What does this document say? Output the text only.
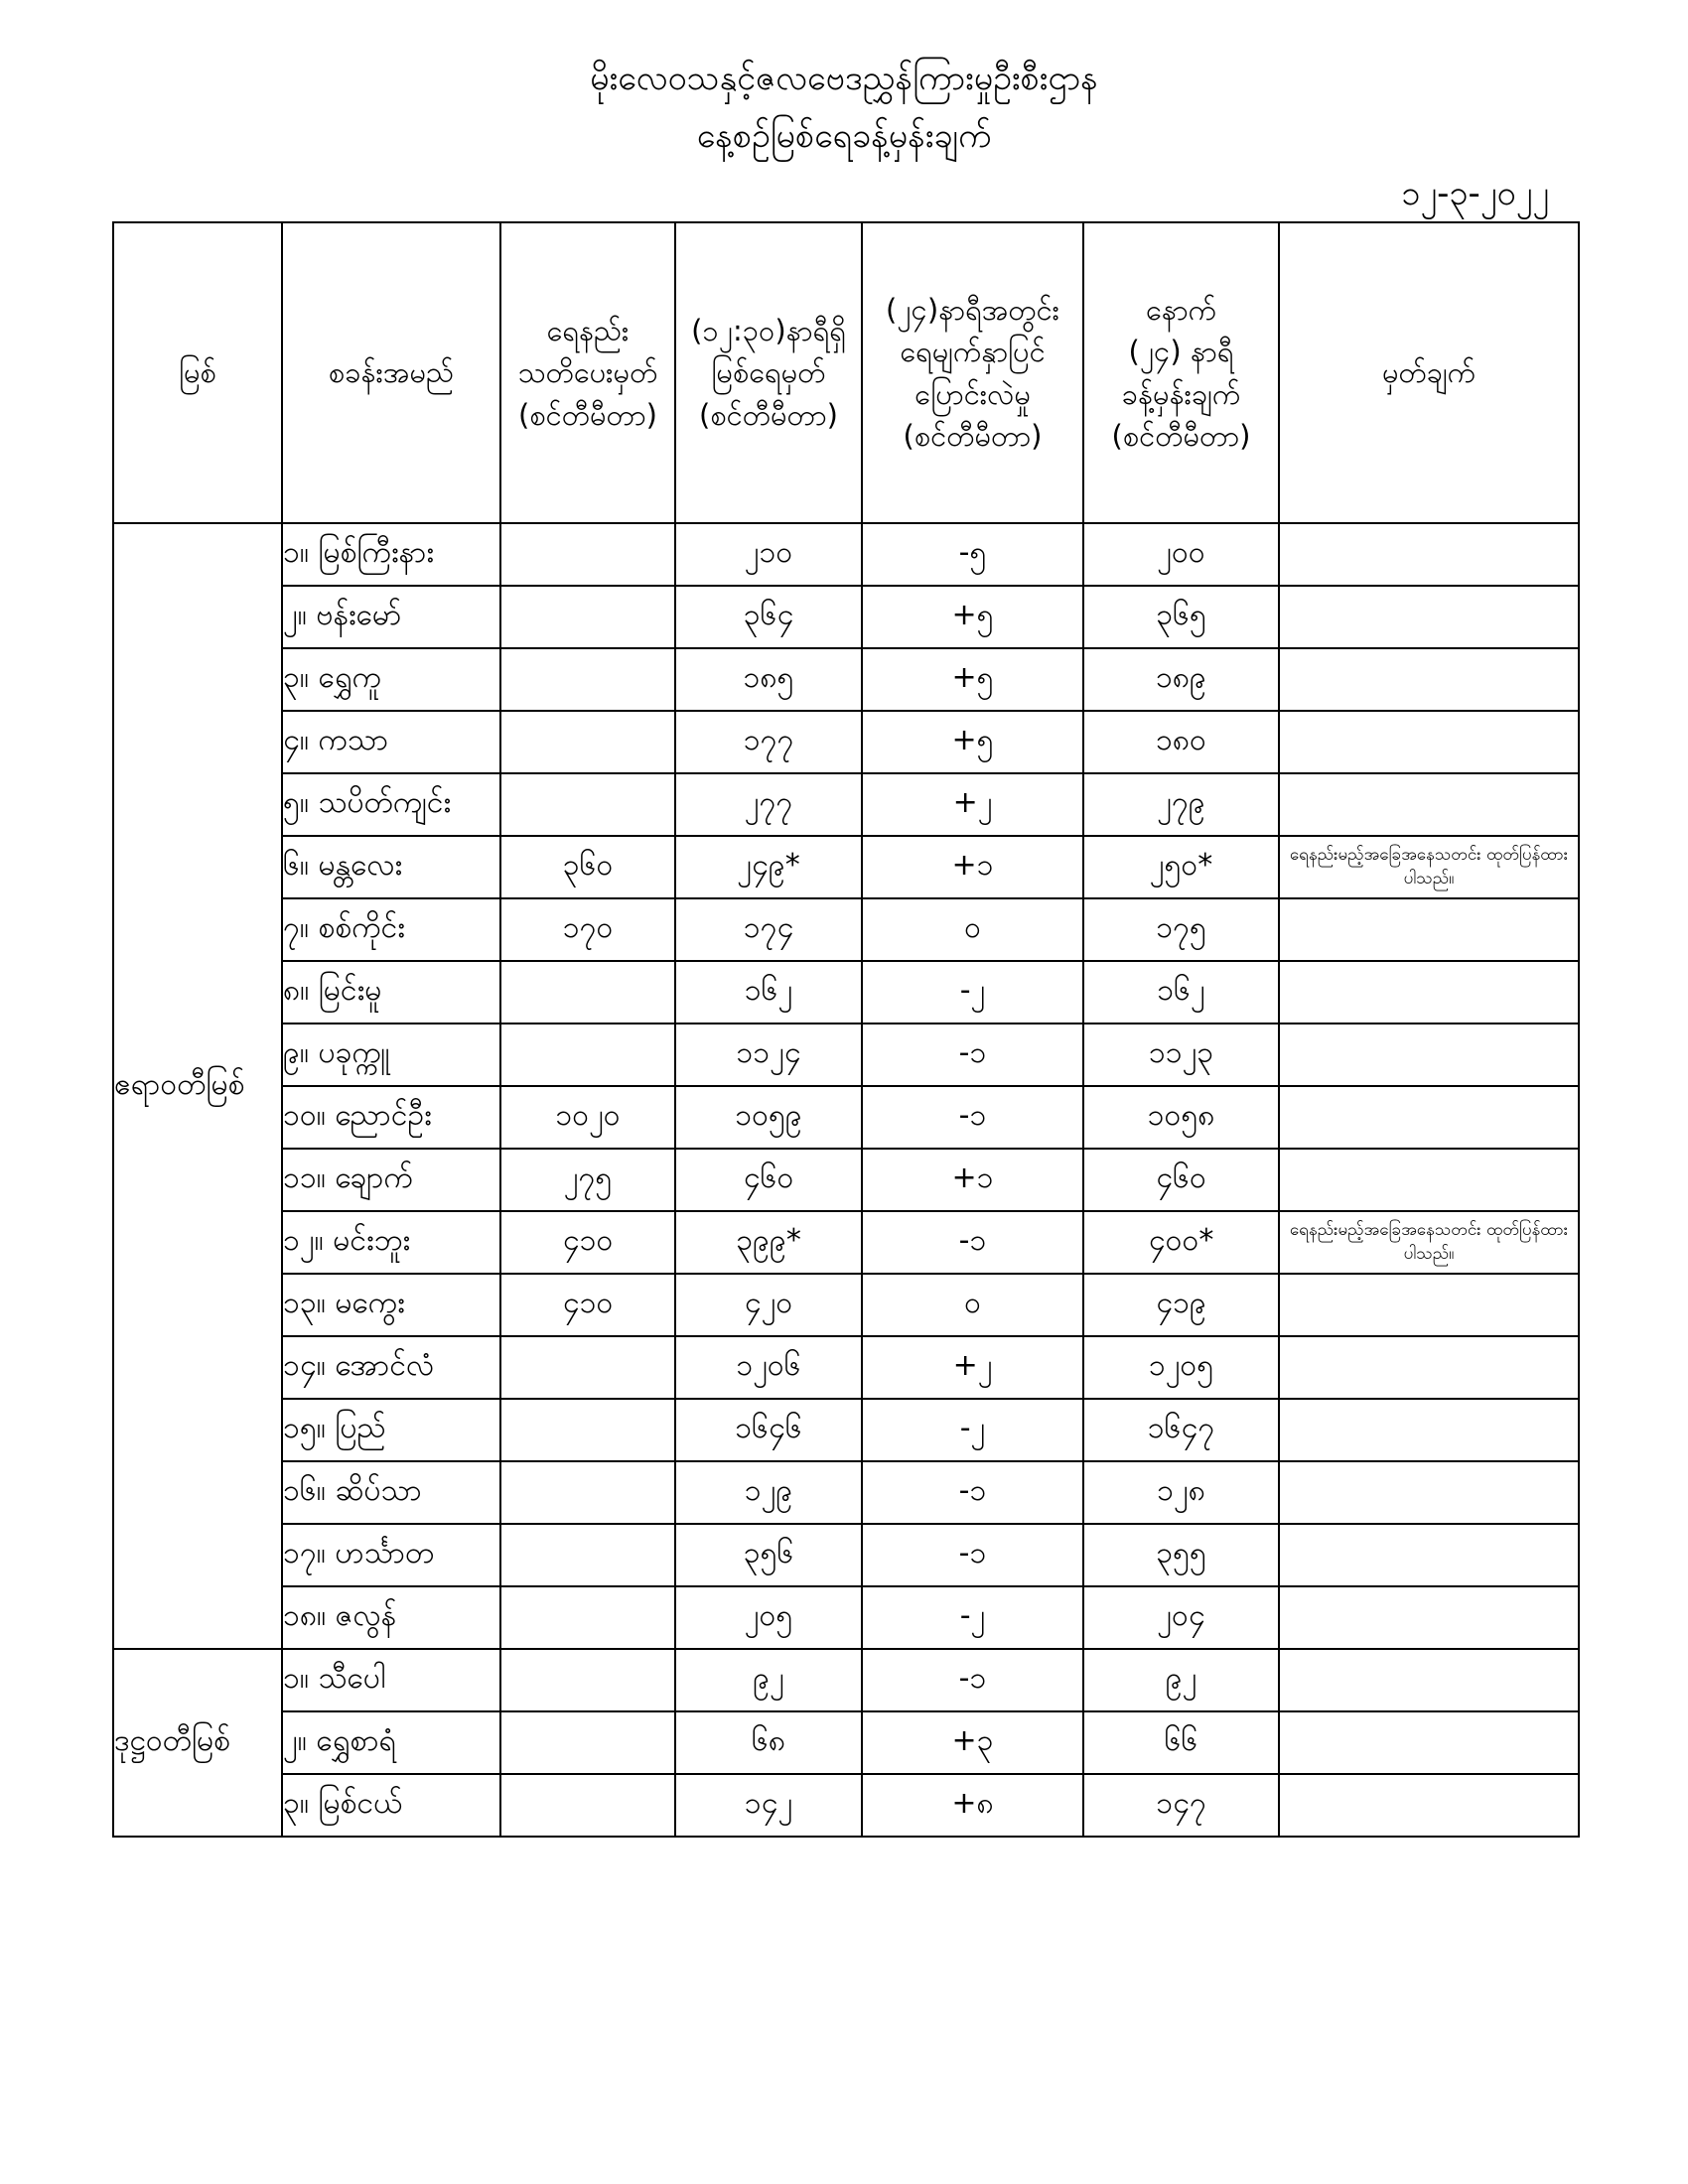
မိုးလေဝသနှင့်ဇလဗေဒညွှန်ကြားမှုဦးစီးဌာန
နေ့စဉ်မြစ်ရေခန့်မှန်းချက်
၁၂-၃-၂၀၂၂
မြစ်	စခန်းအမည်	ရေနည်း
သတိပေးမှတ်
(စင်တီမီတာ)	(၁၂:၃၀)နာရီရှိ
မြစ်ရေမှတ်
(စင်တီမီတာ)	(၂၄)နာရီအတွင်း
ရေမျက်နှာပြင်
ပြောင်းလဲမှု
(စင်တီမီတာ)	နောက်
(၂၄) နာရီ
ခန့်မှန်းချက်
(စင်တီမီတာ)	မှတ်ချက်

ဧရာဝတီမြစ်	၁။ မြစ်ကြီးနား		၂၁၀	-၅	၂၀၀	
	၂။ ဗန်းမော်		၃၆၄	+၅	၃၆၅	
	၃။ ရွှေကူ		၁၈၅	+၅	၁၈၉	
	၄။ ကသာ		၁၇၇	+၅	၁၈၀	
	၅။ သပိတ်ကျင်း		၂၇၇	+၂	၂၇၉	
	၆။ မန္တလေး	၃၆၀	၂၄၉*	+၁	၂၅၀*	ရေနည်းမည့်အခြေအနေသတင်း ထုတ်ပြန်ထားပါသည်။
	၇။ စစ်ကိုင်း	၁၇၀	၁၇၄	၀	၁၇၅	
	၈။ မြင်းမူ		၁၆၂	-၂	၁၆၂	
	၉။ ပခုက္ကူ		၁၁၂၄	-၁	၁၁၂၃	
	၁၀။ ညောင်ဦး	၁၀၂၀	၁၀၅၉	-၁	၁၀၅၈	
	၁၁။ ချောက်	၂၇၅	၄၆၀	+၁	၄၆၀	
	၁၂။ မင်းဘူး	၄၁၀	၃၉၉*	-၁	၄၀၀*	ရေနည်းမည့်အခြေအနေသတင်း ထုတ်ပြန်ထားပါသည်။
	၁၃။ မကွေး	၄၁၀	၄၂၀	၀	၄၁၉	
	၁၄။ အောင်လံ		၁၂၀၆	+၂	၁၂၀၅	
	၁၅။ ပြည်		၁၆၄၆	-၂	၁၆၄၇	
	၁၆။ ဆိပ်သာ		၁၂၉	-၁	၁၂၈	
	၁၇။ ဟင်္သာတ		၃၅၆	-၁	၃၅၅	
	၁၈။ ဇလွန်		၂၀၅	-၂	၂၀၄	
ဒုဋ္ဌဝတီမြစ်	၁။ သီပေါ		၉၂	-၁	၉၂	
	၂။ ရွှေစာရံ		၆၈	+၃	၆၆	
	၃။ မြစ်ငယ်		၁၄၂	+၈	၁၄၇	
